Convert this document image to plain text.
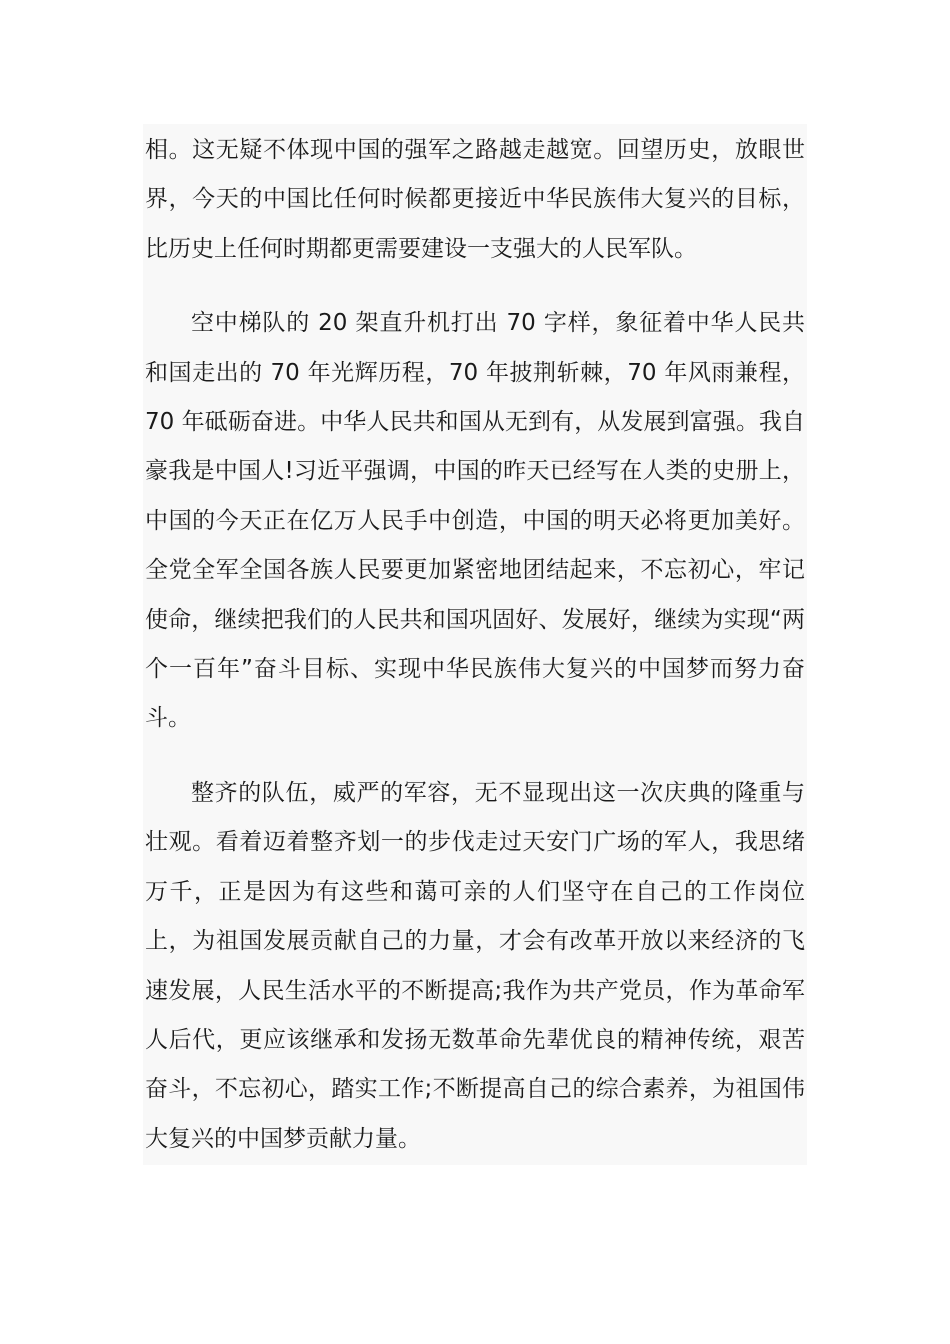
相。这无疑不体现中国的强军之路越走越宽。回望历史，放眼世界，今天的中国比任何时候都更接近中华民族伟大复兴的目标，比历史上任何时期都更需要建设一支强大的人民军队。

空中梯队的 20 架直升机打出 70 字样，象征着中华人民共和国走出的 70 年光辉历程，70 年披荆斩棘，70 年风雨兼程，70 年砥砺奋进。中华人民共和国从无到有，从发展到富强。我自豪我是中国人!习近平强调，中国的昨天已经写在人类的史册上，中国的今天正在亿万人民手中创造，中国的明天必将更加美好。全党全军全国各族人民要更加紧密地团结起来，不忘初心，牢记使命，继续把我们的人民共和国巩固好、发展好，继续为实现“两个一百年”奋斗目标、实现中华民族伟大复兴的中国梦而努力奋斗。

整齐的队伍，威严的军容，无不显现出这一次庆典的隆重与壮观。看着迈着整齐划一的步伐走过天安门广场的军人，我思绪万千，正是因为有这些和蔼可亲的人们坚守在自己的工作岗位上，为祖国发展贡献自己的力量，才会有改革开放以来经济的飞速发展，人民生活水平的不断提高;我作为共产党员，作为革命军人后代，更应该继承和发扬无数革命先辈优良的精神传统，艰苦奋斗，不忘初心，踏实工作;不断提高自己的综合素养，为祖国伟大复兴的中国梦贡献力量。
